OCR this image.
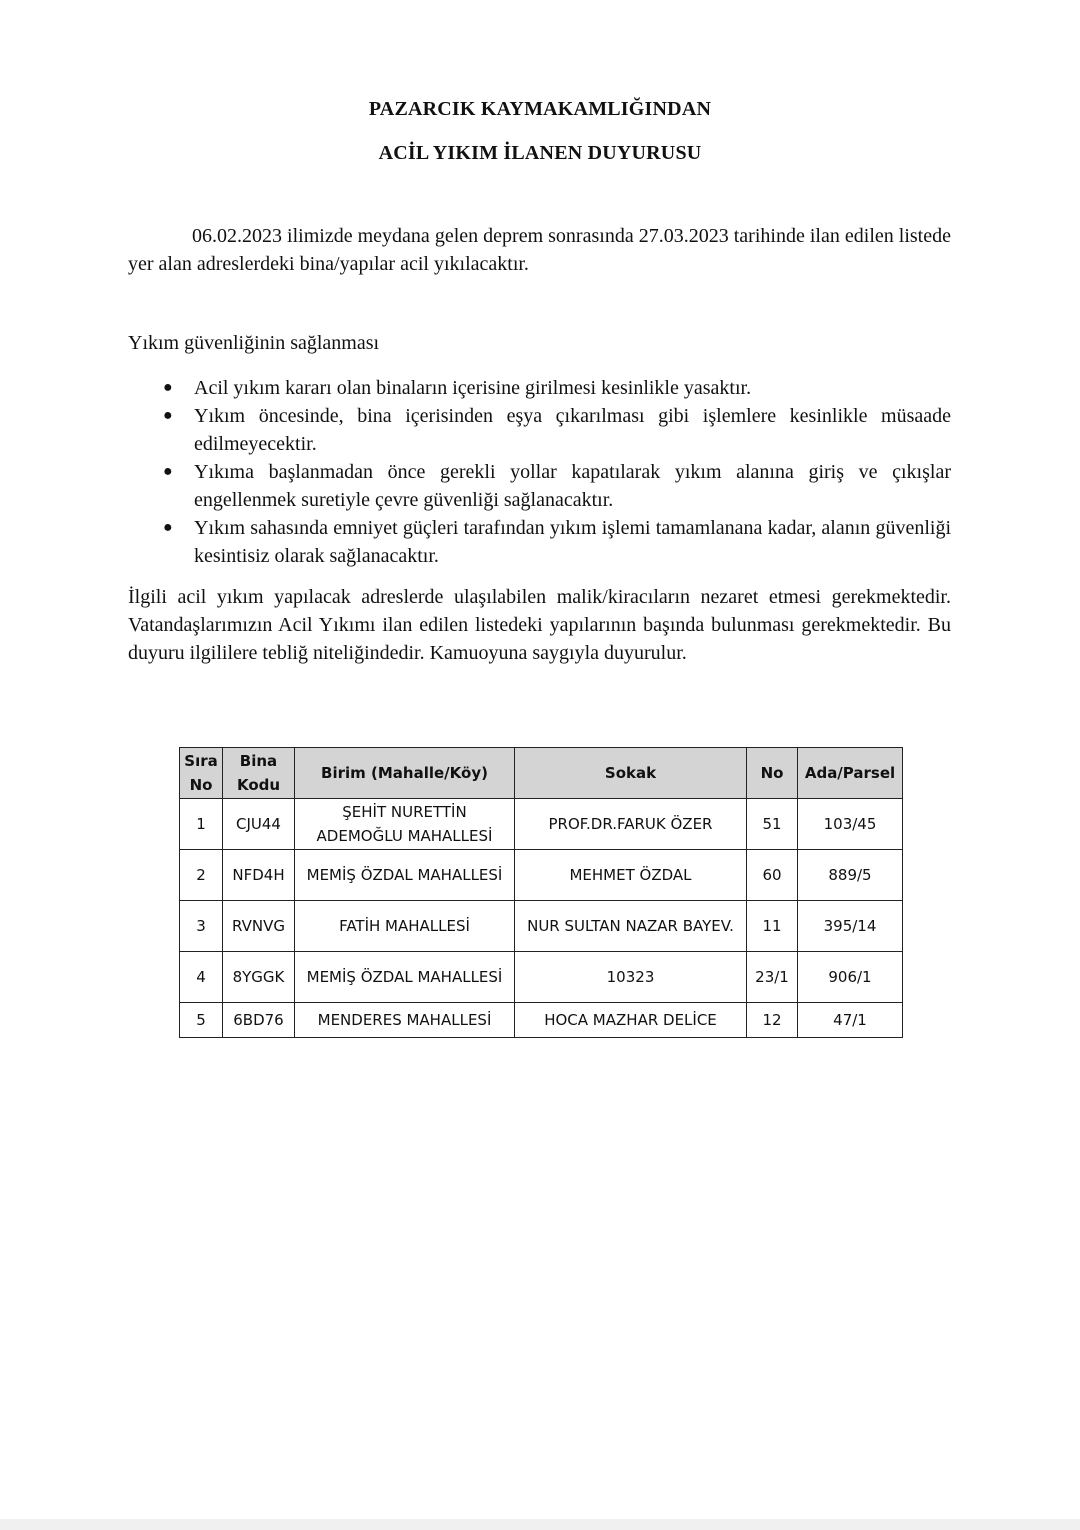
PAZARCIK KAYMAKAMLIĞINDAN
ACİL YIKIM İLANEN DUYURUSU
06.02.2023 ilimizde meydana gelen deprem sonrasında 27.03.2023 tarihinde ilan edilen listede yer alan adreslerdeki bina/yapılar acil yıkılacaktır.
Yıkım güvenliğinin sağlanması
● Acil yıkım kararı olan binaların içerisine girilmesi kesinlikle yasaktır.
● Yıkım öncesinde, bina içerisinden eşya çıkarılması gibi işlemlere kesinlikle müsaade edilmeyecektir.
● Yıkıma başlanmadan önce gerekli yollar kapatılarak yıkım alanına giriş ve çıkışlar engellenmek suretiyle çevre güvenliği sağlanacaktır.
● Yıkım sahasında emniyet güçleri tarafından yıkım işlemi tamamlanana kadar, alanın güvenliği kesintisiz olarak sağlanacaktır.
İlgili acil yıkım yapılacak adreslerde ulaşılabilen malik/kiracıların nezaret etmesi gerekmektedir. Vatandaşlarımızın Acil Yıkımı ilan edilen listedeki yapılarının başında bulunması gerekmektedir. Bu duyuru ilgililere tebliğ niteliğindedir. Kamuoyuna saygıyla duyurulur.
Sıra No	Bina Kodu	Birim (Mahalle/Köy)	Sokak	No	Ada/Parsel
1	CJU44	ŞEHİT NURETTİN ADEMOĞLU MAHALLESİ	PROF.DR.FARUK ÖZER	51	103/45
2	NFD4H	MEMİŞ ÖZDAL MAHALLESİ	MEHMET ÖZDAL	60	889/5
3	RVNVG	FATİH MAHALLESİ	NUR SULTAN NAZAR BAYEV.	11	395/14
4	8YGGK	MEMİŞ ÖZDAL MAHALLESİ	10323	23/1	906/1
5	6BD76	MENDERES MAHALLESİ	HOCA MAZHAR DELİCE	12	47/1
